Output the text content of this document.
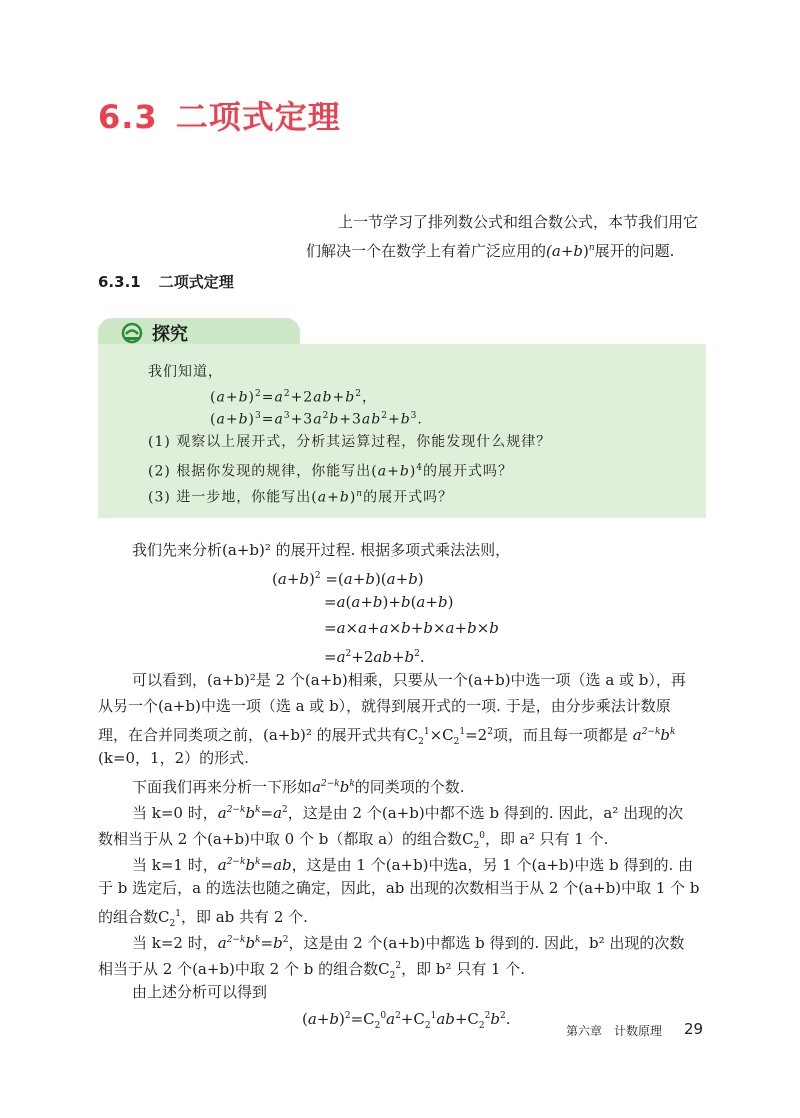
6.3 二项式定理
上一节学习了排列数公式和组合数公式，本节我们用它
们解决一个在数学上有着广泛应用的$(a+b)^n$展开的问题.
6.3.1 二项式定理
探究
我们知道，
$(a+b)^2=a^2+2ab+b^2$，
$(a+b)^3=a^3+3a^2b+3ab^2+b^3$.
(1) 观察以上展开式，分析其运算过程，你能发现什么规律？
(2) 根据你发现的规律，你能写出$(a+b)^4$的展开式吗？
(3) 进一步地，你能写出$(a+b)^n$的展开式吗？
我们先来分析(a+b)² 的展开过程. 根据多项式乘法法则，
$(a+b)^2 =(a+b)(a+b)$
=a(a+b)+b(a+b)
=a×a+a×b+b×a+b×b
$=a^2+2ab+b^2$.
可以看到，(a+b)²是 2 个(a+b)相乘，只要从一个(a+b)中选一项（选 a 或 b），再
从另一个(a+b)中选一项（选 a 或 b），就得到展开式的一项. 于是，由分步乘法计数原
理，在合并同类项之前，(a+b)² 的展开式共有$C_2^1\times C_2^1=2^2$项，而且每一项都是 $a^{2-k}b^k$
(k=0，1，2）的形式.
下面我们再来分析一下形如$a^{2-k}b^k$的同类项的个数.
当 k=0 时，$a^{2-k}b^k=a^2$，这是由 2 个(a+b)中都不选 b 得到的. 因此，a² 出现的次
数相当于从 2 个(a+b)中取 0 个 b（都取 a）的组合数$C_2^0$，即 a² 只有 1 个.
当 k=1 时，$a^{2-k}b^k=ab$，这是由 1 个(a+b)中选a，另 1 个(a+b)中选 b 得到的. 由
于 b 选定后，a 的选法也随之确定，因此，ab 出现的次数相当于从 2 个(a+b)中取 1 个 b
的组合数$C_2^1$，即 ab 共有 2 个.
当 k=2 时，$a^{2-k}b^k=b^2$，这是由 2 个(a+b)中都选 b 得到的. 因此，b² 出现的次数
相当于从 2 个(a+b)中取 2 个 b 的组合数$C_2^2$，即 b² 只有 1 个.
由上述分析可以得到
$(a+b)^2=C_2^0a^2+C_2^1ab+C_2^2b^2$.
第六章　计数原理 29
